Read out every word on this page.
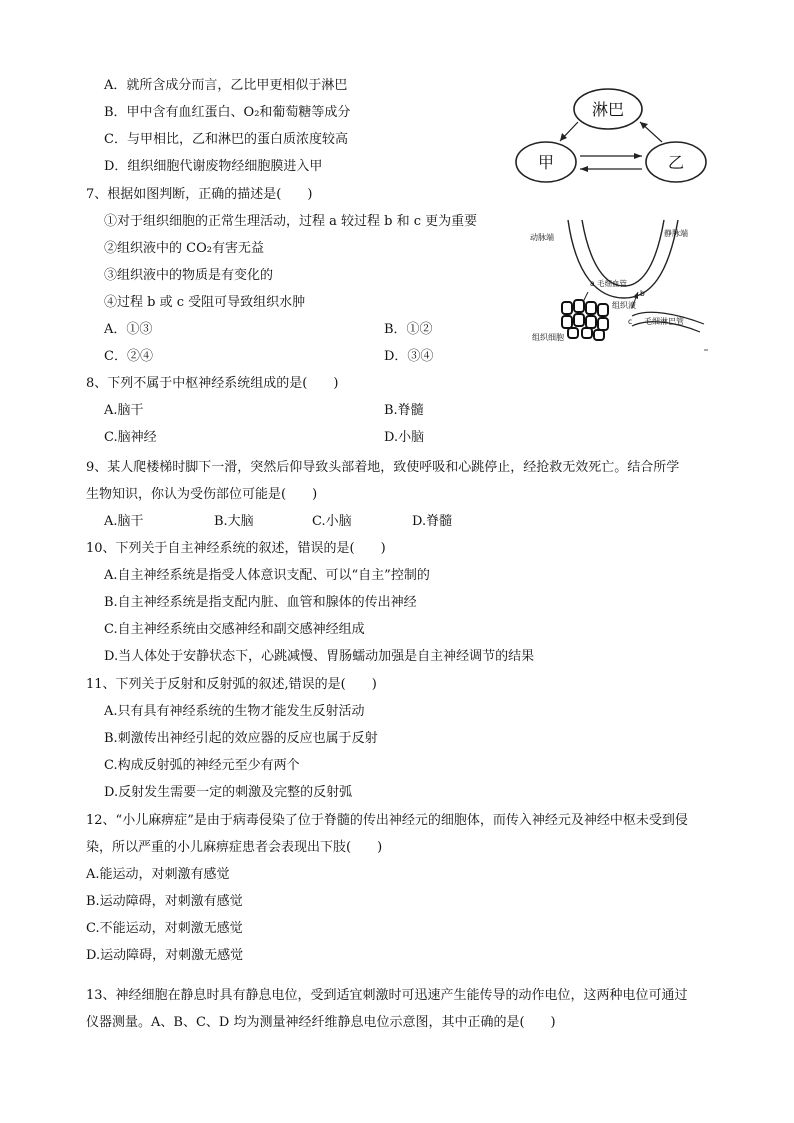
A．就所含成分而言，乙比甲更相似于淋巴
B．甲中含有血红蛋白、O₂和葡萄糖等成分
C．与甲相比，乙和淋巴的蛋白质浓度较高
D．组织细胞代谢废物经细胞膜进入甲
淋巴
甲	乙
7、根据如图判断，正确的描述是(　　)
①对于组织细胞的正常生理活动，过程 a 较过程 b 和 c 更为重要
②组织液中的 CO₂有害无益
③组织液中的物质是有变化的
④过程 b 或 c 受阻可导致组织水肿
A．①③	B．①②
C．②④	D．③④
动脉端	静脉端
a 毛细血管
b
组织液
c 毛细淋巴管
组织细胞
8、下列不属于中枢神经系统组成的是(　　)
A.脑干	B.脊髓
C.脑神经	D.小脑
9、某人爬楼梯时脚下一滑，突然后仰导致头部着地，致使呼吸和心跳停止，经抢救无效死亡。结合所学
生物知识，你认为受伤部位可能是(　　)
A.脑干	B.大脑	C.小脑	D.脊髓
10、下列关于自主神经系统的叙述，错误的是(　　)
A.自主神经系统是指受人体意识支配、可以“自主”控制的
B.自主神经系统是指支配内脏、血管和腺体的传出神经
C.自主神经系统由交感神经和副交感神经组成
D.当人体处于安静状态下，心跳减慢、胃肠蠕动加强是自主神经调节的结果
11、下列关于反射和反射弧的叙述,错误的是(　　)
A.只有具有神经系统的生物才能发生反射活动
B.刺激传出神经引起的效应器的反应也属于反射
C.构成反射弧的神经元至少有两个
D.反射发生需要一定的刺激及完整的反射弧
12、“小儿麻痹症”是由于病毒侵染了位于脊髓的传出神经元的细胞体，而传入神经元及神经中枢未受到侵
染，所以严重的小儿麻痹症患者会表现出下肢(　　)
A.能运动，对刺激有感觉
B.运动障碍，对刺激有感觉
C.不能运动，对刺激无感觉
D.运动障碍，对刺激无感觉
13、神经细胞在静息时具有静息电位，受到适宜刺激时可迅速产生能传导的动作电位，这两种电位可通过
仪器测量。A、B、C、D 均为测量神经纤维静息电位示意图，其中正确的是(　　)
